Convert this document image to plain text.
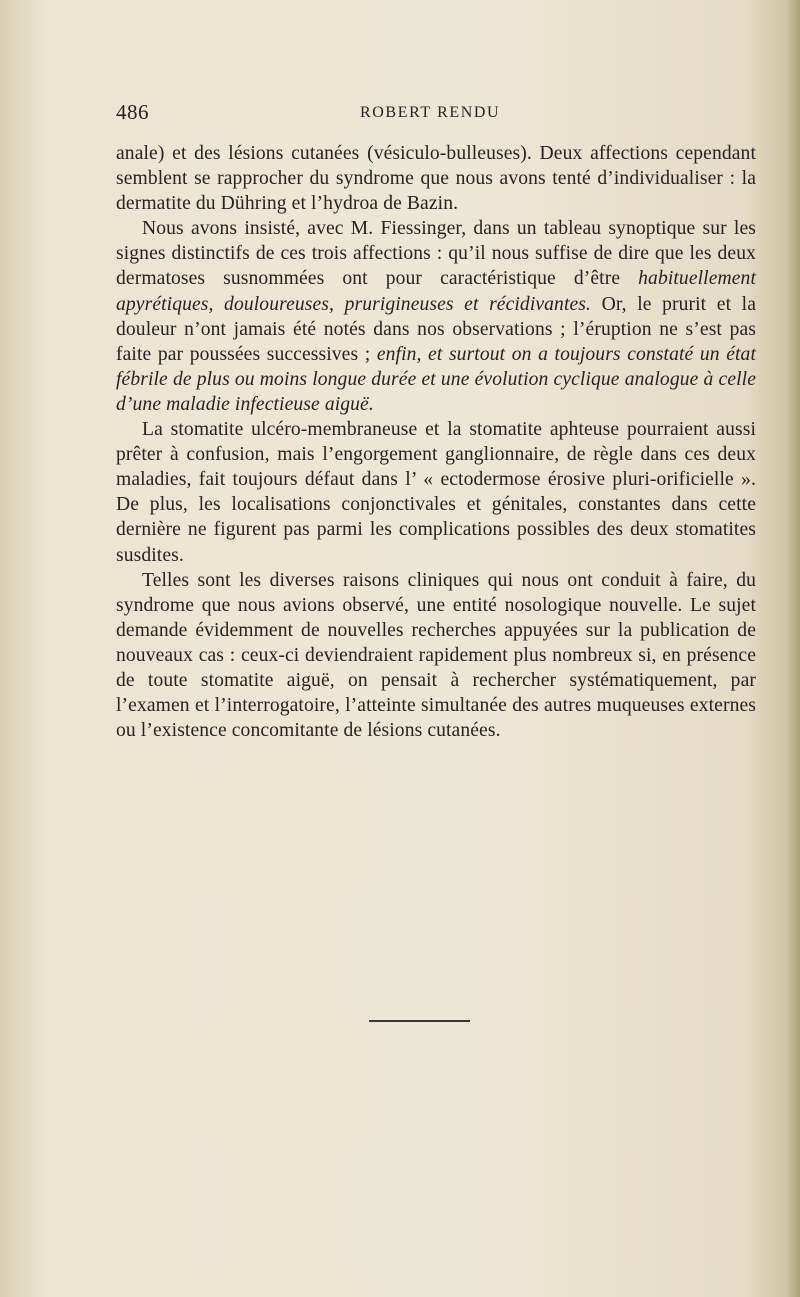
486	ROBERT RENDU

anale) et des lésions cutanées (vésiculo-bulleuses). Deux affections cependant semblent se rapprocher du syndrome que nous avons tenté d’individualiser : la dermatite du Dühring et l’hydroa de Bazin.

Nous avons insisté, avec M. Fiessinger, dans un tableau synoptique sur les signes distinctifs de ces trois affections : qu’il nous suffise de dire que les deux dermatoses susnommées ont pour caractéristique d’être habituellement apyrétiques, douloureuses, prurigineuses et récidivantes. Or, le prurit et la douleur n’ont jamais été notés dans nos observations ; l’éruption ne s’est pas faite par poussées successives ; enfin, et surtout on a toujours constaté un état fébrile de plus ou moins longue durée et une évolution cyclique analogue à celle d’une maladie infectieuse aiguë.

La stomatite ulcéro-membraneuse et la stomatite aphteuse pourraient aussi prêter à confusion, mais l’engorgement ganglionnaire, de règle dans ces deux maladies, fait toujours défaut dans l’ « ectodermose érosive pluri-orificielle ». De plus, les localisations conjonctivales et génitales, constantes dans cette dernière ne figurent pas parmi les complications possibles des deux stomatites susdites.

Telles sont les diverses raisons cliniques qui nous ont conduit à faire, du syndrome que nous avions observé, une entité nosologique nouvelle. Le sujet demande évidemment de nouvelles recherches appuyées sur la publication de nouveaux cas : ceux-ci deviendraient rapidement plus nombreux si, en présence de toute stomatite aiguë, on pensait à rechercher systématiquement, par l’examen et l’interrogatoire, l’atteinte simultanée des autres muqueuses externes ou l’existence concomitante de lésions cutanées.
